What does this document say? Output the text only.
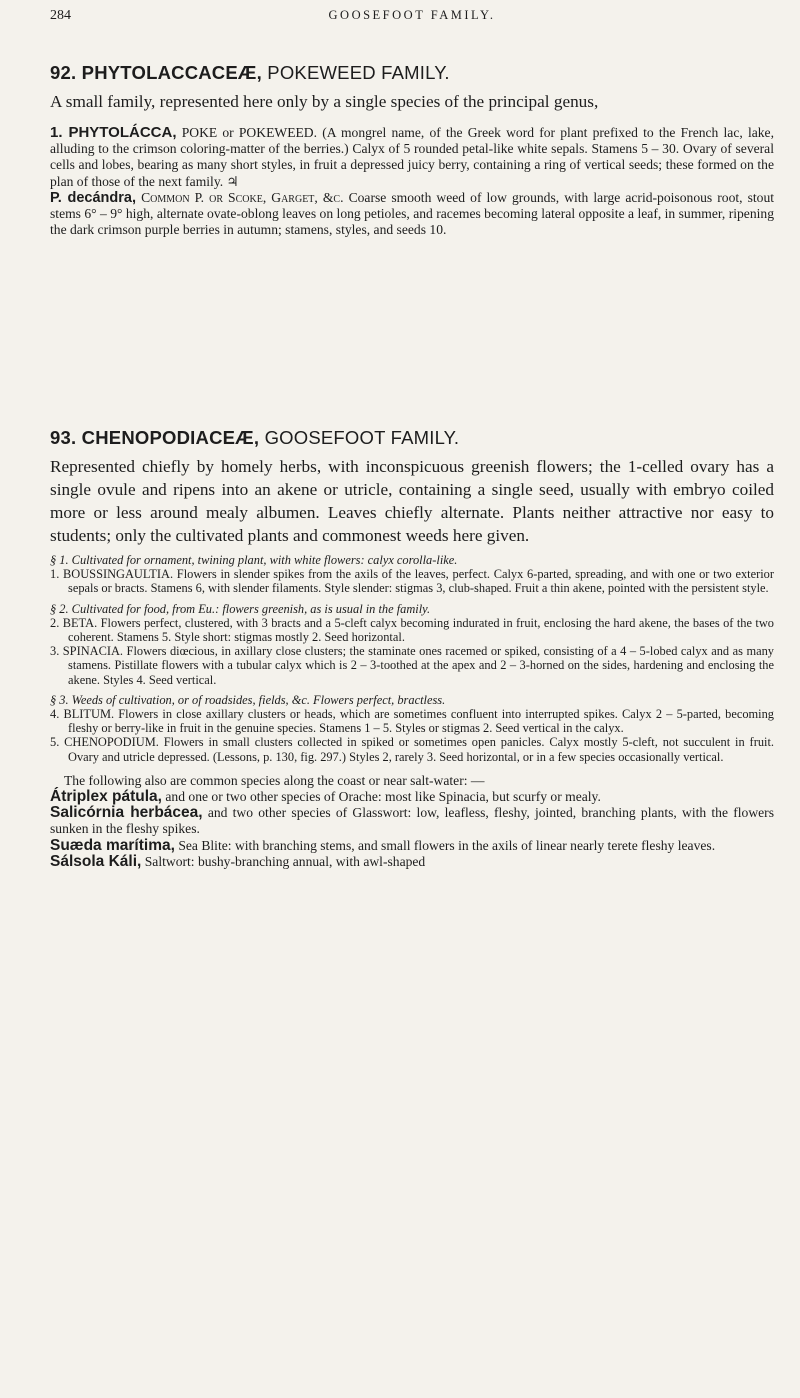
284	GOOSEFOOT FAMILY.
92. PHYTOLACCACEÆ, POKEWEED FAMILY.

A small family, represented here only by a single species of the principal genus,

1. PHYTOLÁCCA, POKE or POKEWEED. (A mongrel name, of the Greek word for plant prefixed to the French lac, lake, alluding to the crimson coloring-matter of the berries.) Calyx of 5 rounded petal-like white sepals. Stamens 5 – 30. Ovary of several cells and lobes, bearing as many short styles, in fruit a depressed juicy berry, containing a ring of vertical seeds; these formed on the plan of those of the next family. ♃

P. decándra, Common P. or Scoke, Garget, &c. Coarse smooth weed of low grounds, with large acrid-poisonous root, stout stems 6° – 9° high, alternate ovate-oblong leaves on long petioles, and racemes becoming lateral opposite a leaf, in summer, ripening the dark crimson purple berries in autumn; stamens, styles, and seeds 10.

93. CHENOPODIACEÆ, GOOSEFOOT FAMILY.

Represented chiefly by homely herbs, with inconspicuous greenish flowers; the 1-celled ovary has a single ovule and ripens into an akene or utricle, containing a single seed, usually with embryo coiled more or less around mealy albumen. Leaves chiefly alternate. Plants neither attractive nor easy to students; only the cultivated plants and commonest weeds here given.

§ 1. Cultivated for ornament, twining plant, with white flowers: calyx corolla-like.

1. BOUSSINGAULTIA. Flowers in slender spikes from the axils of the leaves, perfect. Calyx 6-parted, spreading, and with one or two exterior sepals or bracts. Stamens 6, with slender filaments. Style slender: stigmas 3, club-shaped. Fruit a thin akene, pointed with the persistent style.

§ 2. Cultivated for food, from Eu.: flowers greenish, as is usual in the family.

2. BETA. Flowers perfect, clustered, with 3 bracts and a 5-cleft calyx becoming indurated in fruit, enclosing the hard akene, the bases of the two coherent. Stamens 5. Style short: stigmas mostly 2. Seed horizontal.

3. SPINACIA. Flowers diœcious, in axillary close clusters; the staminate ones racemed or spiked, consisting of a 4 – 5-lobed calyx and as many stamens. Pistillate flowers with a tubular calyx which is 2 – 3-toothed at the apex and 2 – 3-horned on the sides, hardening and enclosing the akene. Styles 4. Seed vertical.

§ 3. Weeds of cultivation, or of roadsides, fields, &c. Flowers perfect, bractless.

4. BLITUM. Flowers in close axillary clusters or heads, which are sometimes confluent into interrupted spikes. Calyx 2 – 5-parted, becoming fleshy or berry-like in fruit in the genuine species. Stamens 1 – 5. Styles or stigmas 2. Seed vertical in the calyx.

5. CHENOPODIUM. Flowers in small clusters collected in spiked or sometimes open panicles. Calyx mostly 5-cleft, not succulent in fruit. Ovary and utricle depressed. (Lessons, p. 130, fig. 297.) Styles 2, rarely 3. Seed horizontal, or in a few species occasionally vertical.

The following also are common species along the coast or near salt-water: —

Átriplex pátula, and one or two other species of Orache: most like Spinacia, but scurfy or mealy.

Salicórnia herbácea, and two other species of Glasswort: low, leafless, fleshy, jointed, branching plants, with the flowers sunken in the fleshy spikes.

Suæda marítima, Sea Blite: with branching stems, and small flowers in the axils of linear nearly terete fleshy leaves.

Sálsola Káli, Saltwort: bushy-branching annual, with awl-shaped
